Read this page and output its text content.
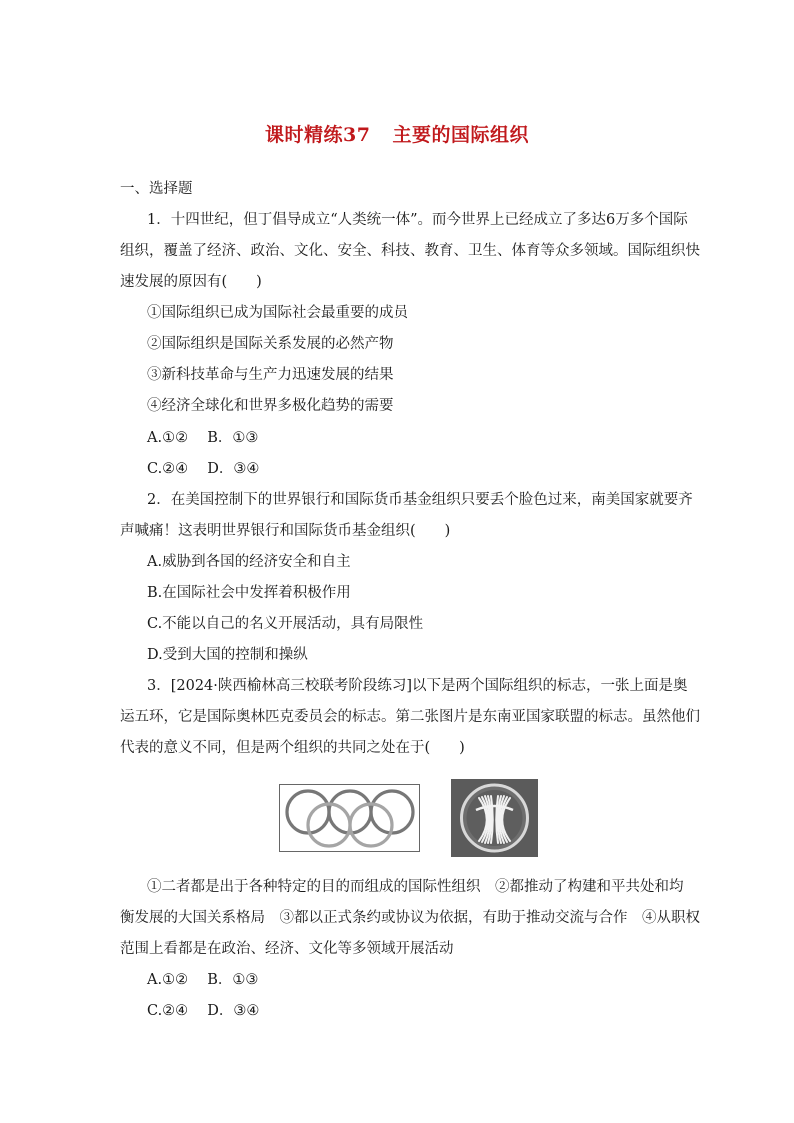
课时精练37 主要的国际组织
一、选择题
1．十四世纪，但丁倡导成立“人类统一体”。而今世界上已经成立了多达6万多个国际
组织，覆盖了经济、政治、文化、安全、科技、教育、卫生、体育等众多领域。国际组织快
速发展的原因有(　　)
①国际组织已成为国际社会最重要的成员
②国际组织是国际关系发展的必然产物
③新科技革命与生产力迅速发展的结果
④经济全球化和世界多极化趋势的需要
A.①②　 B．①③
C.②④　 D．③④
2．在美国控制下的世界银行和国际货币基金组织只要丢个脸色过来，南美国家就要齐
声喊痛！这表明世界银行和国际货币基金组织(　　)
A.威胁到各国的经济安全和自主
B.在国际社会中发挥着积极作用
C.不能以自己的名义开展活动，具有局限性
D.受到大国的控制和操纵
3．[2024·陕西榆林高三校联考阶段练习]以下是两个国际组织的标志，一张上面是奥
运五环，它是国际奥林匹克委员会的标志。第二张图片是东南亚国家联盟的标志。虽然他们
代表的意义不同，但是两个组织的共同之处在于(　　)
①二者都是出于各种特定的目的而组成的国际性组织　②都推动了构建和平共处和均
衡发展的大国关系格局　③都以正式条约或协议为依据，有助于推动交流与合作　④从职权
范围上看都是在政治、经济、文化等多领域开展活动
A.①②　 B．①③
C.②④　 D．③④
